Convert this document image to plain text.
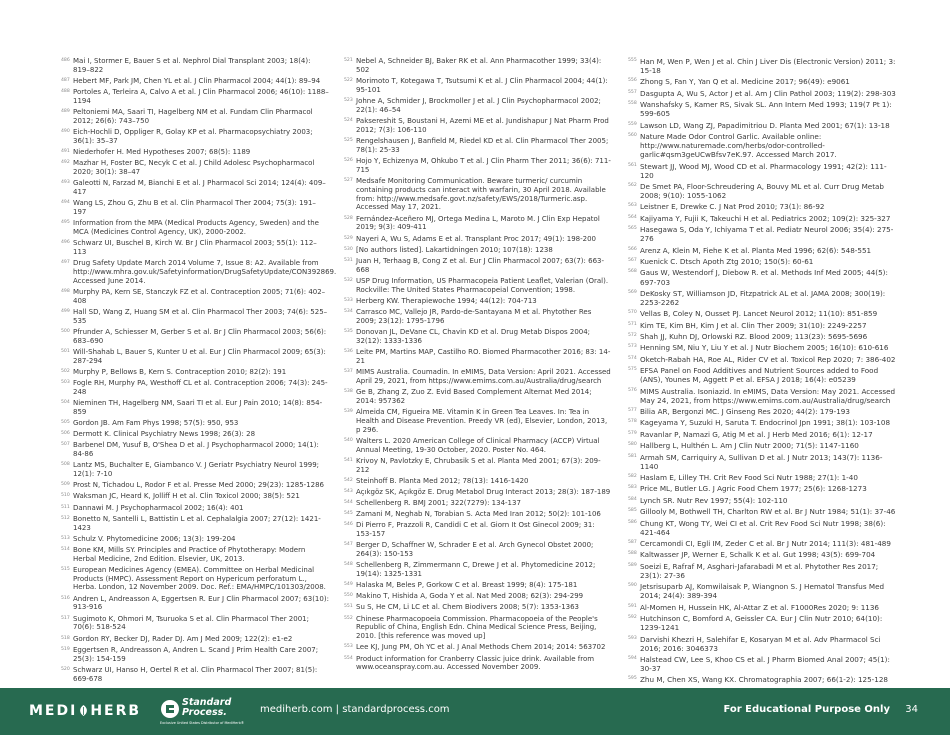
486 Mai I, Stormer E, Bauer S et al. Nephrol Dial Transplant 2003; 18(4): 819–822
487 Hebert MF, Park JM, Chen YL et al. J Clin Pharmacol 2004; 44(1): 89–94
488 Portoles A, Terleira A, Calvo A et al. J Clin Pharmacol 2006; 46(10): 1188–1194
489 Peltoniemi MA, Saari TI, Hagelberg NM et al. Fundam Clin Pharmacol 2012; 26(6): 743–750
490 Eich-Hochli D, Oppliger R, Golay KP et al. Pharmacopsychiatry 2003; 36(1): 35–37
491 Niederhofer H. Med Hypotheses 2007; 68(5): 1189
492 Mazhar H, Foster BC, Necyk C et al. J Child Adolesc Psychopharmacol 2020; 30(1): 38–47
493 Galeotti N, Farzad M, Bianchi E et al. J Pharmacol Sci 2014; 124(4): 409–417
494 Wang LS, Zhou G, Zhu B et al. Clin Pharmacol Ther 2004; 75(3): 191–197
495 Information from the MPA (Medical Products Agency, Sweden) and the MCA (Medicines Control Agency, UK), 2000-2002.
496 Schwarz UI, Buschel B, Kirch W. Br J Clin Pharmacol 2003; 55(1): 112–113
497 Drug Safety Update March 2014 Volume 7, Issue 8: A2. Available from http://www.mhra.gov.uk/Safetyinformation/DrugSafetyUpdate/CON392869. Accessed June 2014.
498 Murphy PA, Kern SE, Stanczyk FZ et al. Contraception 2005; 71(6): 402–408
499 Hall SD, Wang Z, Huang SM et al. Clin Pharmacol Ther 2003; 74(6): 525–535
500 Pfrunder A, Schiesser M, Gerber S et al. Br J Clin Pharmacol 2003; 56(6): 683–690
501 Will-Shahab L, Bauer S, Kunter U et al. Eur J Clin Pharmacol 2009; 65(3): 287-294
502 Murphy P, Bellows B, Kern S. Contraception 2010; 82(2): 191
503 Fogle RH, Murphy PA, Westhoff CL et al. Contraception 2006; 74(3): 245-248
504 Nieminen TH, Hagelberg NM, Saari TI et al. Eur J Pain 2010; 14(8): 854-859
505 Gordon JB. Am Fam Phys 1998; 57(5): 950, 953
506 Dermott K. Clinical Psychiatry News 1998; 26(3): 28
507 Barbenel DM, Yusuf B, O'Shea D et al. J Psychopharmacol 2000; 14(1): 84-86
508 Lantz MS, Buchalter E, Giambanco V. J Geriatr Psychiatry Neurol 1999; 12(1): 7-10
509 Prost N, Tichadou L, Rodor F et al. Presse Med 2000; 29(23): 1285-1286
510 Waksman JC, Heard K, Jolliff H et al. Clin Toxicol 2000; 38(5): 521
511 Dannawi M. J Psychopharmacol 2002; 16(4): 401
512 Bonetto N, Santelli L, Battistin L et al. Cephalalgia 2007; 27(12): 1421-1423
513 Schulz V. Phytomedicine 2006; 13(3): 199-204
514 Bone KM, Mills SY. Principles and Practice of Phytotherapy: Modern Herbal Medicine, 2nd Edition. Elsevier, UK, 2013.
515 European Medicines Agency (EMEA). Committee on Herbal Medicinal Products (HMPC). Assessment Report on Hypericum perforatum L., Herba. London, 12 November 2009. Doc. Ref.: EMA/HMPC/101303/2008.
516 Andren L, Andreasson A, Eggertsen R. Eur J Clin Pharmacol 2007; 63(10): 913-916
517 Sugimoto K, Ohmori M, Tsuruoka S et al. Clin Pharmacol Ther 2001; 70(6): 518-524
518 Gordon RY, Becker DJ, Rader DJ. Am J Med 2009; 122(2): e1-e2
519 Eggertsen R, Andreasson A, Andren L. Scand J Prim Health Care 2007; 25(3): 154-159
520 Schwarz UI, Hanso H, Oertel R et al. Clin Pharmacol Ther 2007; 81(5): 669-678
521 Nebel A, Schneider BJ, Baker RK et al. Ann Pharmacother 1999; 33(4): 502
522 Morimoto T, Kotegawa T, Tsutsumi K et al. J Clin Pharmacol 2004; 44(1): 95-101
523 Johne A, Schmider J, Brockmoller J et al. J Clin Psychopharmacol 2002; 22(1): 46–54
524 Paksereshit S, Boustani H, Azemi ME et al. Jundishapur J Nat Pharm Prod 2012; 7(3): 106-110
525 Rengelshausen J, Banfield M, Riedel KD et al. Clin Pharmacol Ther 2005; 78(1): 25-33
526 Hojo Y, Echizenya M, Ohkubo T et al. J Clin Pharm Ther 2011; 36(6): 711-715
527 Medsafe Monitoring Communication. Beware turmeric/ curcumin containing products can interact with warfarin, 30 April 2018. Available from: http://www.medsafe.govt.nz/safety/EWS/2018/Turmeric.asp. Accessed May 17, 2021.
528 Fernández-Aceñero MJ, Ortega Medina L, Maroto M. J Clin Exp Hepatol 2019; 9(3): 409-411
529 Nayeri A, Wu S, Adams E et al. Transplant Proc 2017; 49(1): 198-200
530 [No authors listed]. Lakartidningen 2010; 107(18): 1238
531 Juan H, Terhaag B, Cong Z et al. Eur J Clin Pharmacol 2007; 63(7): 663-668
532 USP Drug Information, US Pharmacopeia Patient Leaflet, Valerian (Oral). Rockville: The United States Pharmacopeial Convention; 1998.
533 Herberg KW. Therapiewoche 1994; 44(12): 704-713
534 Carrasco MC, Vallejo JR, Pardo-de-Santayana M et al. Phytother Res 2009; 23(12): 1795-1796
535 Donovan JL, DeVane CL, Chavin KD et al. Drug Metab Dispos 2004; 32(12): 1333-1336
536 Leite PM, Martins MAP, Castilho RO. Biomed Pharmacother 2016; 83: 14-21
537 MIMS Australia. Coumadin. In eMIMS, Data Version: April 2021. Accessed April 29, 2021, from https://www.emims.com.au/Australia/drug/search
538 Ge B, Zhang Z, Zuo Z. Evid Based Complement Alternat Med 2014; 2014: 957362
539 Almeida CM, Figueira ME. Vitamin K in Green Tea Leaves. In: Tea in Health and Disease Prevention. Preedy VR (ed), Elsevier, London, 2013, p 296.
540 Walters L. 2020 American College of Clinical Pharmacy (ACCP) Virtual Annual Meeting, 19-30 October, 2020. Poster No. 464.
541 Krivoy N, Pavlotzky E, Chrubasik S et al. Planta Med 2001; 67(3): 209-212
542 Steinhoff B. Planta Med 2012; 78(13): 1416-1420
543 Açıkgöz SK, Açıkgöz E. Drug Metabol Drug Interact 2013; 28(3): 187-189
544 Schellenberg R. BMJ 2001; 322(7279): 134-137
545 Zamani M, Neghab N, Torabian S. Acta Med Iran 2012; 50(2): 101-106
546 Di Pierro F, Prazzoli R, Candidi C et al. Giorn It Ost Ginecol 2009; 31: 153-157
547 Berger D, Schaffner W, Schrader E et al. Arch Gynecol Obstet 2000; 264(3): 150-153
548 Schellenberg R, Zimmermann C, Drewe J et al. Phytomedicine 2012; 19(14): 1325-1331
549 Halaska M, Beles P, Gorkow C et al. Breast 1999; 8(4): 175-181
550 Makino T, Hishida A, Goda Y et al. Nat Med 2008; 62(3): 294-299
551 Su S, He CM, Li LC et al. Chem Biodivers 2008; 5(7): 1353-1363
552 Chinese Pharmacopoeia Commission. Pharmacopoeia of the People's Republic of China, English Edn. China Medical Science Press, Beijing, 2010. [this reference was moved up]
553 Lee KJ, Jung PM, Oh YC et al. J Anal Methods Chem 2014; 2014: 563702
554 Product information for Cranberry Classic juice drink. Available from www.oceanspray.com.au. Accessed November 2009.
555 Han M, Wen P, Wen J et al. Chin J Liver Dis (Electronic Version) 2011; 3: 15-18
556 Zhong S, Fan Y, Yan Q et al. Medicine 2017; 96(49): e9061
557 Dasgupta A, Wu S, Actor J et al. Am J Clin Pathol 2003; 119(2): 298-303
558 Wanshafsky S, Kamer RS, Sivak SL. Ann Intern Med 1993; 119(7 Pt 1): 599-605
559 Lawson LD, Wang ZJ, Papadimitriou D. Planta Med 2001; 67(1): 13-18
560 Nature Made Odor Control Garlic. Available online: http://www.naturemade.com/herbs/odor-controlled-garlic#qsm3geUCwBfsv7eK.97. Accessed March 2017.
561 Stewart JJ, Wood MJ, Wood CD et al. Pharmacology 1991; 42(2): 111-120
562 De Smet PA, Floor-Schreudering A, Bouvy ML et al. Curr Drug Metab 2008; 9(10): 1055-1062
563 Leistner E, Drewke C. J Nat Prod 2010; 73(1): 86-92
564 Kajiyama Y, Fujii K, Takeuchi H et al. Pediatrics 2002; 109(2): 325-327
565 Hasegawa S, Oda Y, Ichiyama T et al. Pediatr Neurol 2006; 35(4): 275-276
566 Arenz A, Klein M, Fiehe K et al. Planta Med 1996; 62(6): 548-551
567 Kuenick C. Dtsch Apoth Ztg 2010; 150(5): 60-61
568 Gaus W, Westendorf J, Diebow R. et al. Methods Inf Med 2005; 44(5): 697-703
569 DeKosky ST, Williamson JD, Fitzpatrick AL et al. JAMA 2008; 300(19): 2253-2262
570 Vellas B, Coley N, Ousset PJ. Lancet Neurol 2012; 11(10): 851-859
571 Kim TE, Kim BH, Kim J et al. Clin Ther 2009; 31(10): 2249-2257
572 Shah JJ, Kuhn DJ, Orlowski RZ. Blood 2009; 113(23): 5695-5696
573 Henning SM, Niu Y, Liu Y et al. J Nutr Biochem 2005; 16(10): 610-616
574 Oketch-Rabah HA, Roe AL, Rider CV et al. Toxicol Rep 2020; 7: 386-402
575 EFSA Panel on Food Additives and Nutrient Sources added to Food (ANS), Younes M, Aggett P et al. EFSA J 2018; 16(4): e05239
576 MIMS Australia. Isoniazid. In eMIMS, Data Version: May 2021. Accessed May 24, 2021, from https://www.emims.com.au/Australia/drug/search
577 Bilia AR, Bergonzi MC. J Ginseng Res 2020; 44(2): 179-193
578 Kageyama Y, Suzuki H, Saruta T. Endocrinol Jpn 1991; 38(1): 103-108
579 Ravanlar P, Namazi G, Atig M et al. J Herb Med 2016; 6(1): 12-17
580 Hallberg L, Hulthén L. Am J Clin Nutr 2000; 71(5): 1147-1160
581 Armah SM, Carriquiry A, Sullivan D et al. J Nutr 2013; 143(7): 1136-1140
582 Haslam E, Lilley TH. Crit Rev Food Sci Nutr 1988; 27(1): 1-40
583 Price ML, Butler LG. J Agric Food Chem 1977; 25(6): 1268-1273
584 Lynch SR. Nutr Rev 1997; 55(4): 102-110
585 Gillooly M, Bothwell TH, Charlton RW et al. Br J Nutr 1984; 51(1): 37-46
586 Chung KT, Wong TY, Wei CI et al. Crit Rev Food Sci Nutr 1998; 38(6): 421-464
587 Cercamondi CI, Egli IM, Zeder C et al. Br J Nutr 2014; 111(3): 481-489
588 Kaltwasser JP, Werner E, Schalk K et al. Gut 1998; 43(5): 699-704
589 Soeizi E, Rafraf M, Asghari-Jafarabadi M et al. Phytother Res 2017; 23(1): 27-36
590 Jetsrisuparb AJ, Komwilaisak P, Wiangnon S. J Hematol Transfus Med 2014; 24(4): 389-394
591 Al-Momen H, Hussein HK, Al-Attar Z et al. F1000Res 2020; 9: 1136
592 Hutchinson C, Bomford A, Geissler CA. Eur J Clin Nutr 2010; 64(10): 1239-1241
593 Darvishi Khezri H, Salehifar E, Kosaryan M et al. Adv Pharmacol Sci 2016; 2016: 3046373
594 Halstead CW, Lee S, Khoo CS et al. J Pharm Biomed Anal 2007; 45(1): 30-37
595 Zhu M, Chen XS, Wang KX. Chromatographia 2007; 66(1-2): 125-128
MEDI HERB
Standard
Process.
Exclusive United States Distributor of MediHerb®
mediherb.com | standardprocess.com	For Educational Purpose Only 34
